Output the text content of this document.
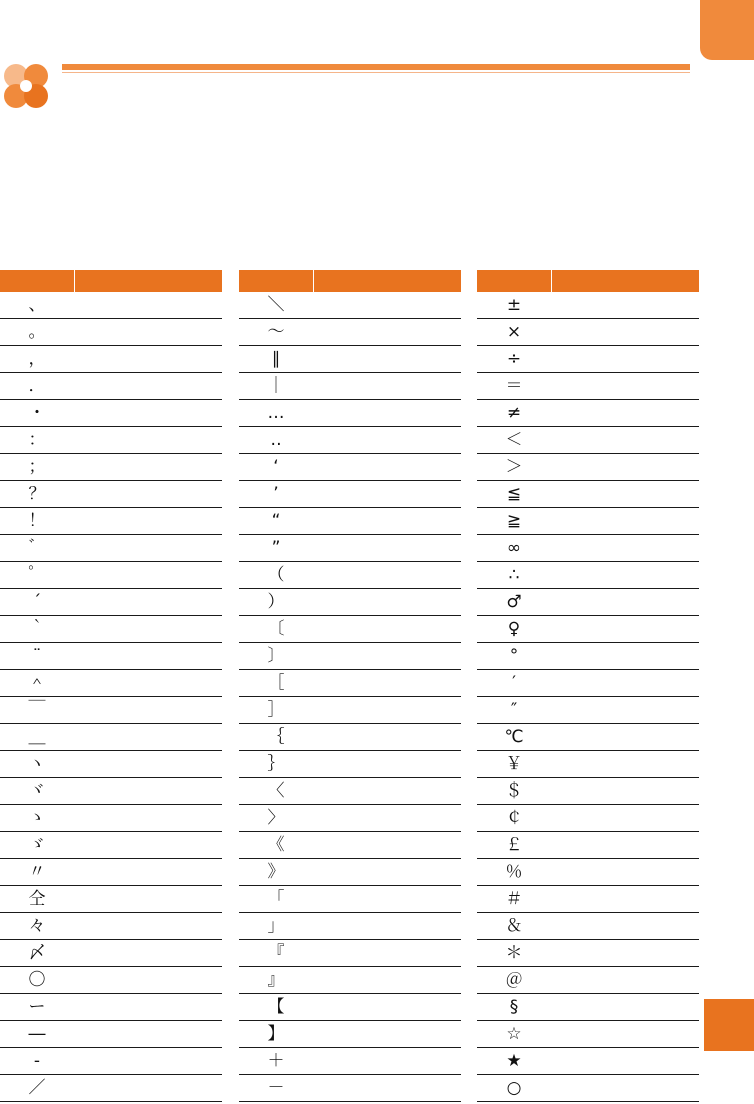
、	
。	
，	
．	
・	
：	
；	
？	
！	
゛	
゜	
´	
｀	
¨	
＾	
￣	
＿	
ヽ	
ヾ	
ゝ	
ゞ	
〃	
仝	
々	
〆	
〇	
ー	
―	
‐	
／	

＼	
～	
∥	
｜	
…	
‥	
‘	
’	
“	
”	
（	
）	
〔	
〕	
［	
］	
｛	
｝	
〈	
〉	
《	
》	
「	
」	
『	
』	
【	
】	
＋	
－	

±	
×	
÷	
＝	
≠	
＜	
＞	
≦	
≧	
∞	
∴	
♂	
♀	
°	
′	
″	
℃	
￥	
＄	
￠	
￡	
％	
＃	
＆	
＊	
＠	
§	
☆	
★	
○	
